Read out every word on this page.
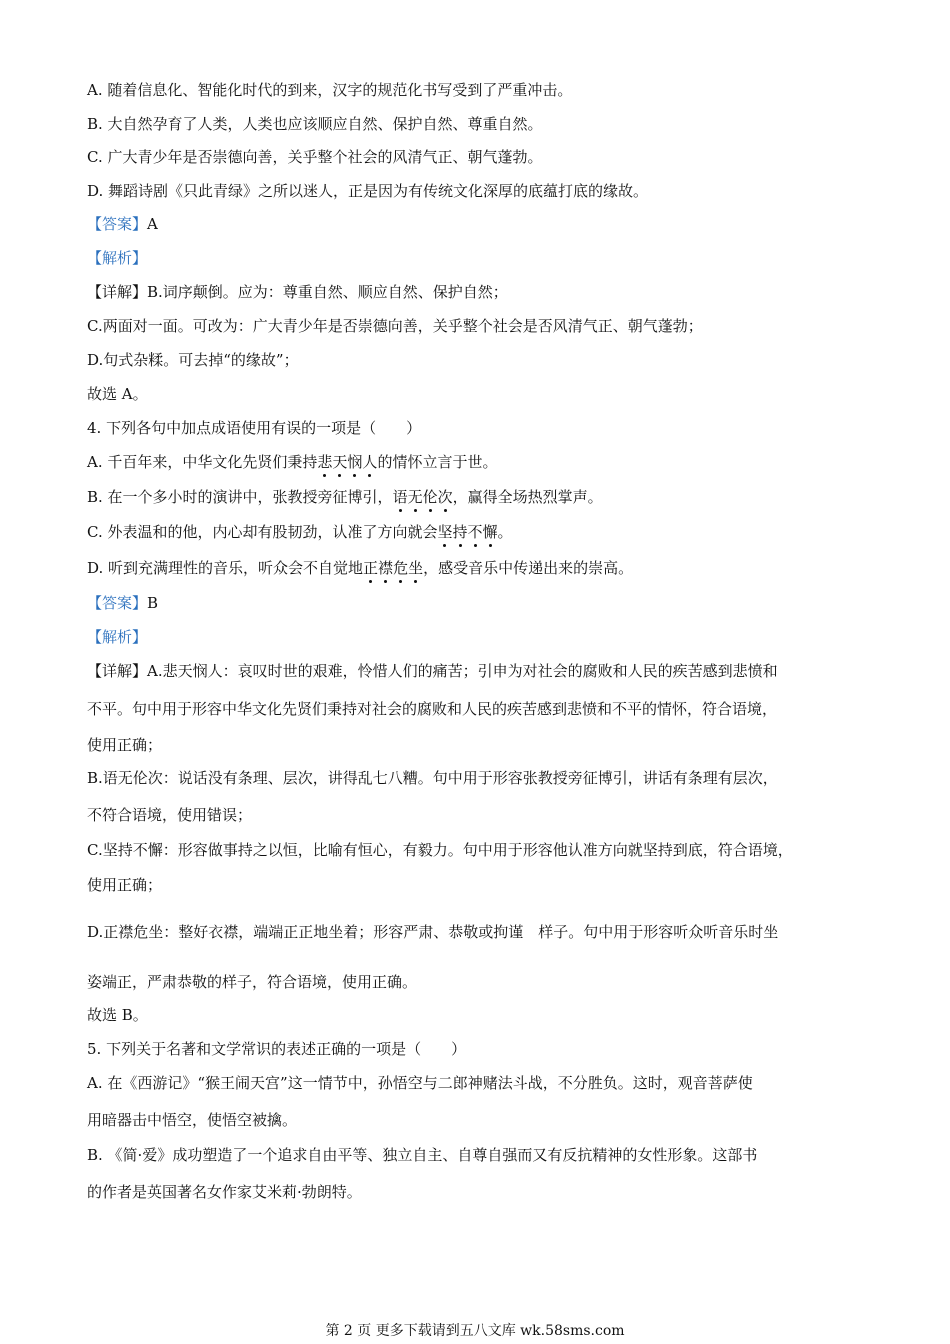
A. 随着信息化、智能化时代的到来，汉字的规范化书写受到了严重冲击。
B. 大自然孕育了人类，人类也应该顺应自然、保护自然、尊重自然。
C. 广大青少年是否崇德向善，关乎整个社会的风清气正、朝气蓬勃。
D. 舞蹈诗剧《只此青绿》之所以迷人，正是因为有传统文化深厚的底蕴打底的缘故。
【答案】A
【解析】
【详解】B.词序颠倒。应为：尊重自然、顺应自然、保护自然；
C.两面对一面。可改为：广大青少年是否崇德向善，关乎整个社会是否风清气正、朝气蓬勃；
D.句式杂糅。可去掉“的缘故”；
故选 A。
4. 下列各句中加点成语使用有误的一项是（　　）
A. 千百年来，中华文化先贤们秉持悲天悯人的情怀立言于世。
B. 在一个多小时的演讲中，张教授旁征博引，语无伦次，赢得全场热烈掌声。
C. 外表温和的他，内心却有股韧劲，认准了方向就会坚持不懈。
D. 听到充满理性的音乐，听众会不自觉地正襟危坐，感受音乐中传递出来的崇高。
【答案】B
【解析】
【详解】A.悲天悯人：哀叹时世的艰难，怜惜人们的痛苦；引申为对社会的腐败和人民的疾苦感到悲愤和
不平。句中用于形容中华文化先贤们秉持对社会的腐败和人民的疾苦感到悲愤和不平的情怀，符合语境，
使用正确；
B.语无伦次：说话没有条理、层次，讲得乱七八糟。句中用于形容张教授旁征博引，讲话有条理有层次，
不符合语境，使用错误；
C.坚持不懈：形容做事持之以恒，比喻有恒心，有毅力。句中用于形容他认准方向就坚持到底，符合语境，
使用正确；
D.正襟危坐：整好衣襟，端端正正地坐着；形容严肃、恭敬或拘谨　样子。句中用于形容听众听音乐时坐
姿端正，严肃恭敬的样子，符合语境，使用正确。
故选 B。
5. 下列关于名著和文学常识的表述正确的一项是（　　）
A. 在《西游记》“猴王闹天宫”这一情节中，孙悟空与二郎神赌法斗战，不分胜负。这时，观音菩萨使
用暗器击中悟空，使悟空被擒。
B. 《简·爱》成功塑造了一个追求自由平等、独立自主、自尊自强而又有反抗精神的女性形象。这部书
的作者是英国著名女作家艾米莉·勃朗特。
第 2 页 更多下载请到五八文库 wk.58sms.com
